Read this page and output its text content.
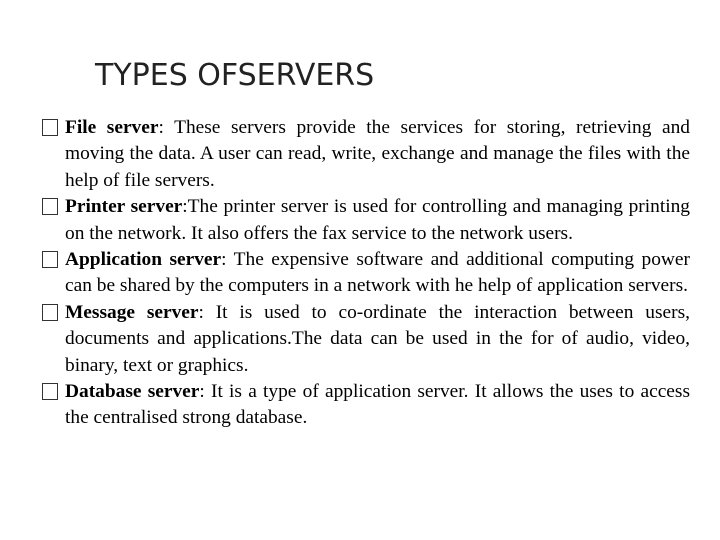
TYPES OFSERVERS
File server: These servers provide the services for storing, retrieving and moving the data. A user can read, write, exchange and manage the files with the help of file servers.
Printer server:The printer server is used for controlling and managing printing on the network. It also offers the fax service to the network users.
Application server: The expensive software and additional computing power can be shared by the computers in a network with he help of application servers.
Message server: It is used to co-ordinate the interaction between users, documents and applications.The data can be used in the for of audio, video, binary, text or graphics.
Database server: It is a type of application server. It allows the uses to access the centralised strong database.
